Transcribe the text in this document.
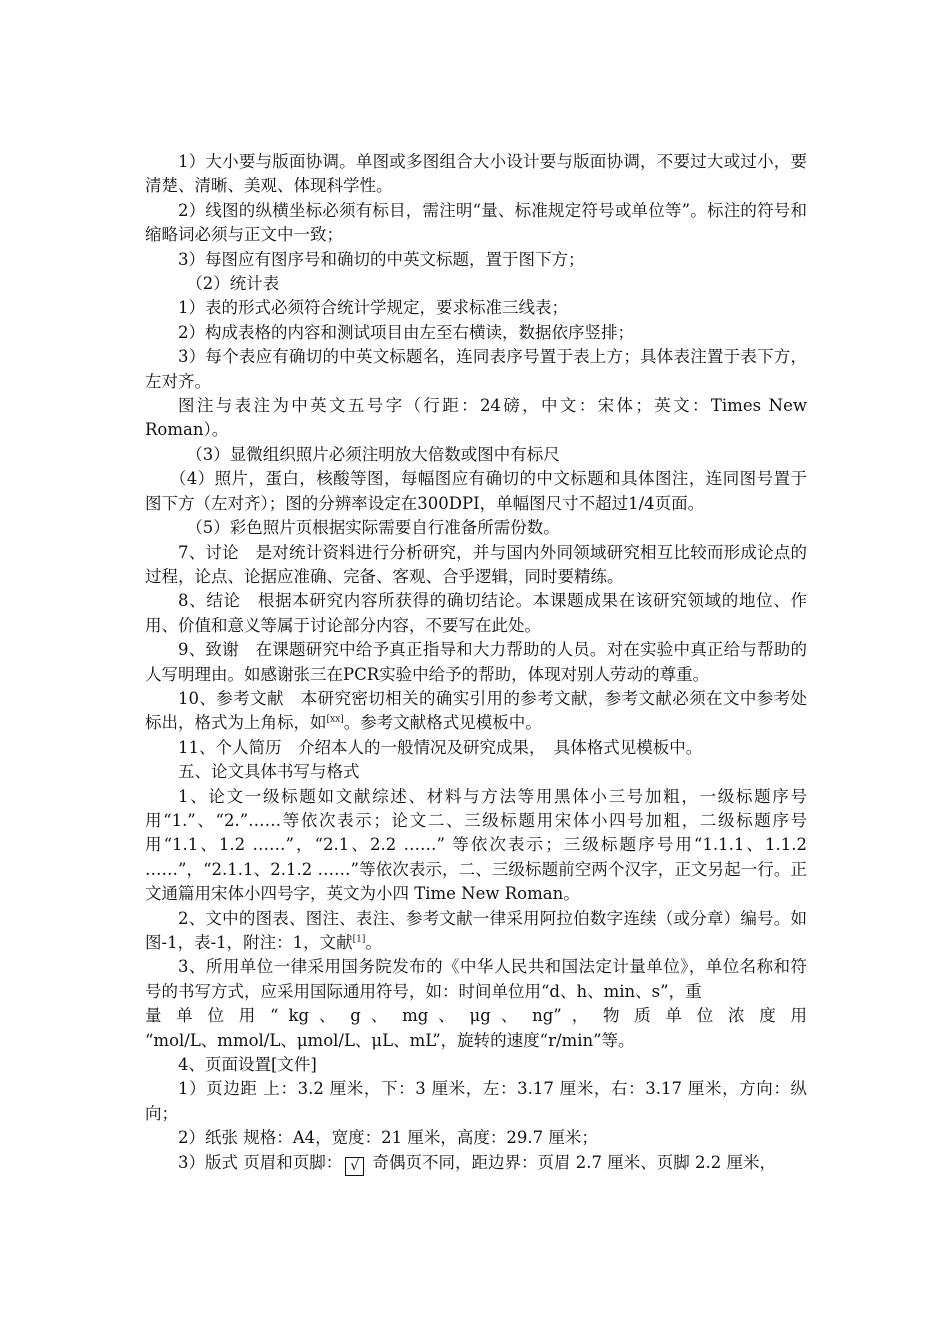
1）大小要与版面协调。单图或多图组合大小设计要与版面协调，不要过大或过小，要清楚、清晰、美观、体现科学性。

2）线图的纵横坐标必须有标目，需注明“量、标准规定符号或单位等”。标注的符号和缩略词必须与正文中一致；

3）每图应有图序号和确切的中英文标题，置于图下方；

（2）统计表

1）表的形式必须符合统计学规定，要求标准三线表；

2）构成表格的内容和测试项目由左至右横读，数据依序竖排；

3）每个表应有确切的中英文标题名，连同表序号置于表上方；具体表注置于表下方，左对齐。

图注与表注为中英文五号字（行距：24磅，中文：宋体；英文：Times New Roman）。

（3）显微组织照片必须注明放大倍数或图中有标尺

（4）照片，蛋白，核酸等图，每幅图应有确切的中文标题和具体图注，连同图号置于图下方（左对齐）；图的分辨率设定在300DPI，单幅图尺寸不超过1/4页面。

（5）彩色照片页根据实际需要自行准备所需份数。

7、讨论　是对统计资料进行分析研究，并与国内外同领域研究相互比较而形成论点的过程，论点、论据应准确、完备、客观、合乎逻辑，同时要精练。

8、结论　根据本研究内容所获得的确切结论。本课题成果在该研究领域的地位、作用、价值和意义等属于讨论部分内容，不要写在此处。

9、致谢　在课题研究中给予真正指导和大力帮助的人员。对在实验中真正给与帮助的人写明理由。如感谢张三在PCR实验中给予的帮助，体现对别人劳动的尊重。

10、参考文献　本研究密切相关的确实引用的参考文献，参考文献必须在文中参考处标出，格式为上角标，如[xx]。参考文献格式见模板中。

11、个人简历　介绍本人的一般情况及研究成果，　具体格式见模板中。

五、论文具体书写与格式

1、论文一级标题如文献综述、材料与方法等用黑体小三号加粗，一级标题序号用“1.”、“2.”……等依次表示；论文二、三级标题用宋体小四号加粗，二级标题序号用“1.1、1.2 ……”，“2.1、2.2 ……” 等依次表示；三级标题序号用“1.1.1、1.1.2 ……”，“2.1.1、2.1.2 ……”等依次表示，二、三级标题前空两个汉字，正文另起一行。正文通篇用宋体小四号字，英文为小四 Time New Roman。

2、文中的图表、图注、表注、参考文献一律采用阿拉伯数字连续（或分章）编号。如图-1，表-1，附注：1，文献[1]。

3、所用单位一律采用国务院发布的《中华人民共和国法定计量单位》，单位名称和符号的书写方式，应采用国际通用符号，如：时间单位用“d、h、min、s”，重

量 单 位 用 “ kg 、 g 、 mg 、 μg 、 ng” ， 物 质 单 位 浓 度 用

“mol/L、mmol/L、μmol/L、μL、mL”，旋转的速度“r/min”等。

4、页面设置[文件]

1）页边距 上：3.2 厘米，下：3 厘米，左：3.17 厘米，右：3.17 厘米，方向：纵向；

2）纸张 规格：A4，宽度：21 厘米，高度：29.7 厘米；

3）版式 页眉和页脚： √ 奇偶页不同，距边界：页眉 2.7 厘米、页脚 2.2 厘米，
